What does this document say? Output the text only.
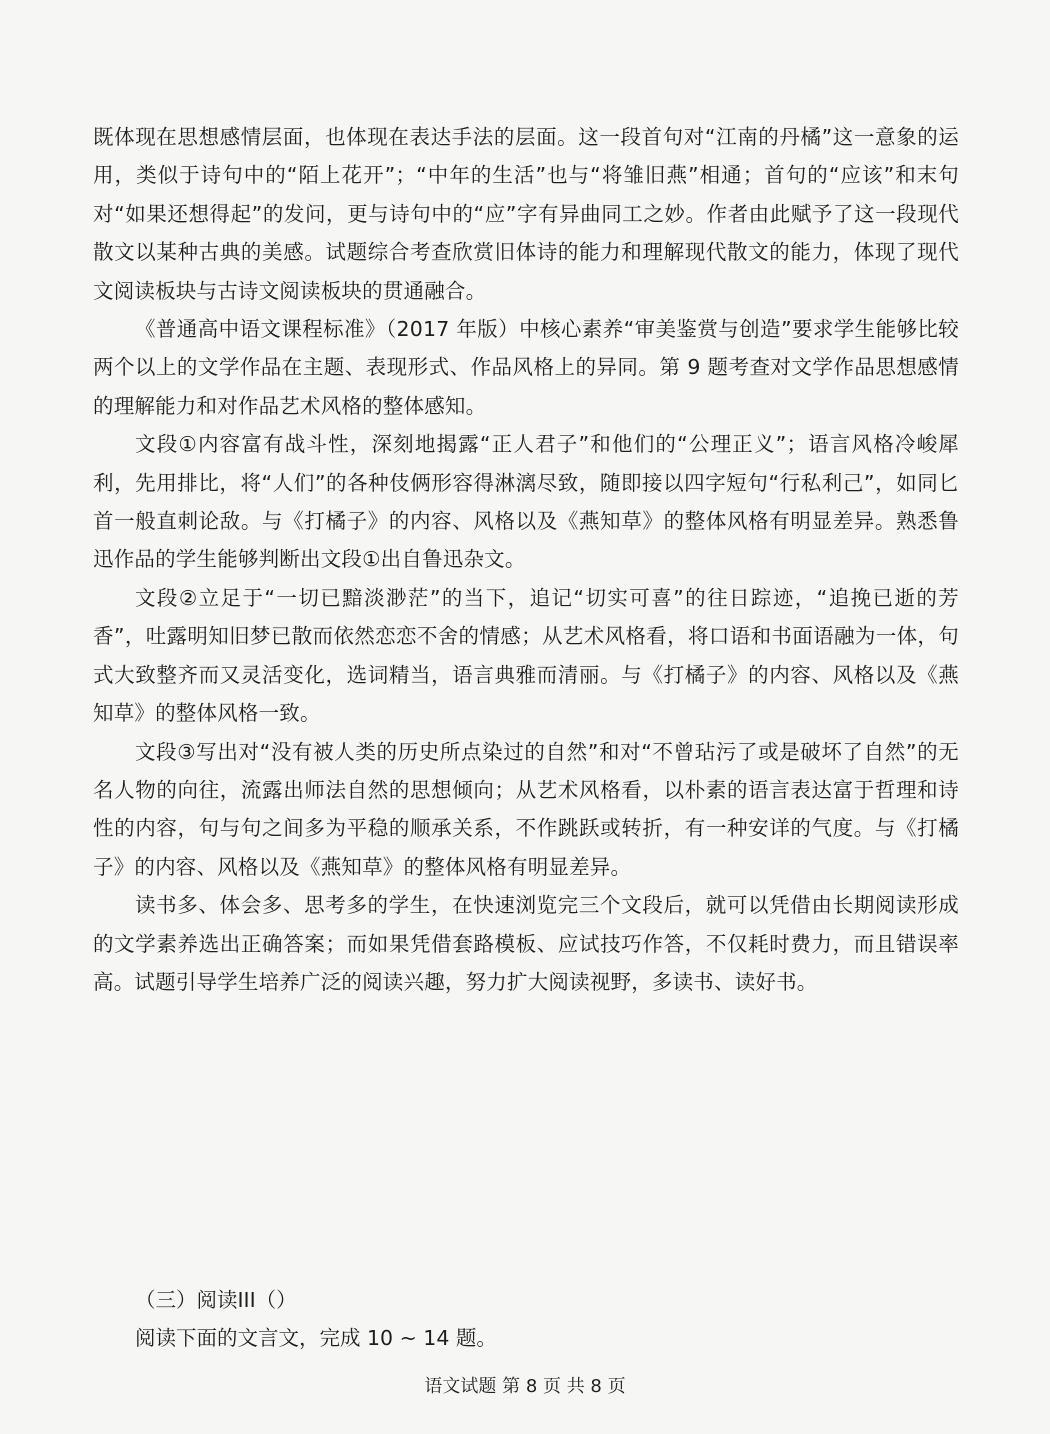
既体现在思想感情层面，也体现在表达手法的层面。这一段首句对“江南的丹橘”这一意象的运用，类似于诗句中的“陌上花开”；“中年的生活”也与“将雏旧燕”相通；首句的“应该”和末句对“如果还想得起”的发问，更与诗句中的“应”字有异曲同工之妙。作者由此赋予了这一段现代散文以某种古典的美感。试题综合考查欣赏旧体诗的能力和理解现代散文的能力，体现了现代文阅读板块与古诗文阅读板块的贯通融合。

《普通高中语文课程标准》（2017 年版）中核心素养“审美鉴赏与创造”要求学生能够比较两个以上的文学作品在主题、表现形式、作品风格上的异同。第 9 题考查对文学作品思想感情的理解能力和对作品艺术风格的整体感知。

文段①内容富有战斗性，深刻地揭露“正人君子”和他们的“公理正义”；语言风格冷峻犀利，先用排比，将“人们”的各种伎俩形容得淋漓尽致，随即接以四字短句“行私利己”，如同匕首一般直刺论敌。与《打橘子》的内容、风格以及《燕知草》的整体风格有明显差异。熟悉鲁迅作品的学生能够判断出文段①出自鲁迅杂文。

文段②立足于“一切已黯淡渺茫”的当下，追记“切实可喜”的往日踪迹，“追挽已逝的芳香”，吐露明知旧梦已散而依然恋恋不舍的情感；从艺术风格看，将口语和书面语融为一体，句式大致整齐而又灵活变化，选词精当，语言典雅而清丽。与《打橘子》的内容、风格以及《燕知草》的整体风格一致。

文段③写出对“没有被人类的历史所点染过的自然”和对“不曾玷污了或是破坏了自然”的无名人物的向往，流露出师法自然的思想倾向；从艺术风格看，以朴素的语言表达富于哲理和诗性的内容，句与句之间多为平稳的顺承关系，不作跳跃或转折，有一种安详的气度。与《打橘子》的内容、风格以及《燕知草》的整体风格有明显差异。

读书多、体会多、思考多的学生，在快速浏览完三个文段后，就可以凭借由长期阅读形成的文学素养选出正确答案；而如果凭借套路模板、应试技巧作答，不仅耗时费力，而且错误率高。试题引导学生培养广泛的阅读兴趣，努力扩大阅读视野，多读书、读好书。

（三）阅读III（）

阅读下面的文言文，完成 10 ~ 14 题。

语文试题 第 8 页 共 8 页
